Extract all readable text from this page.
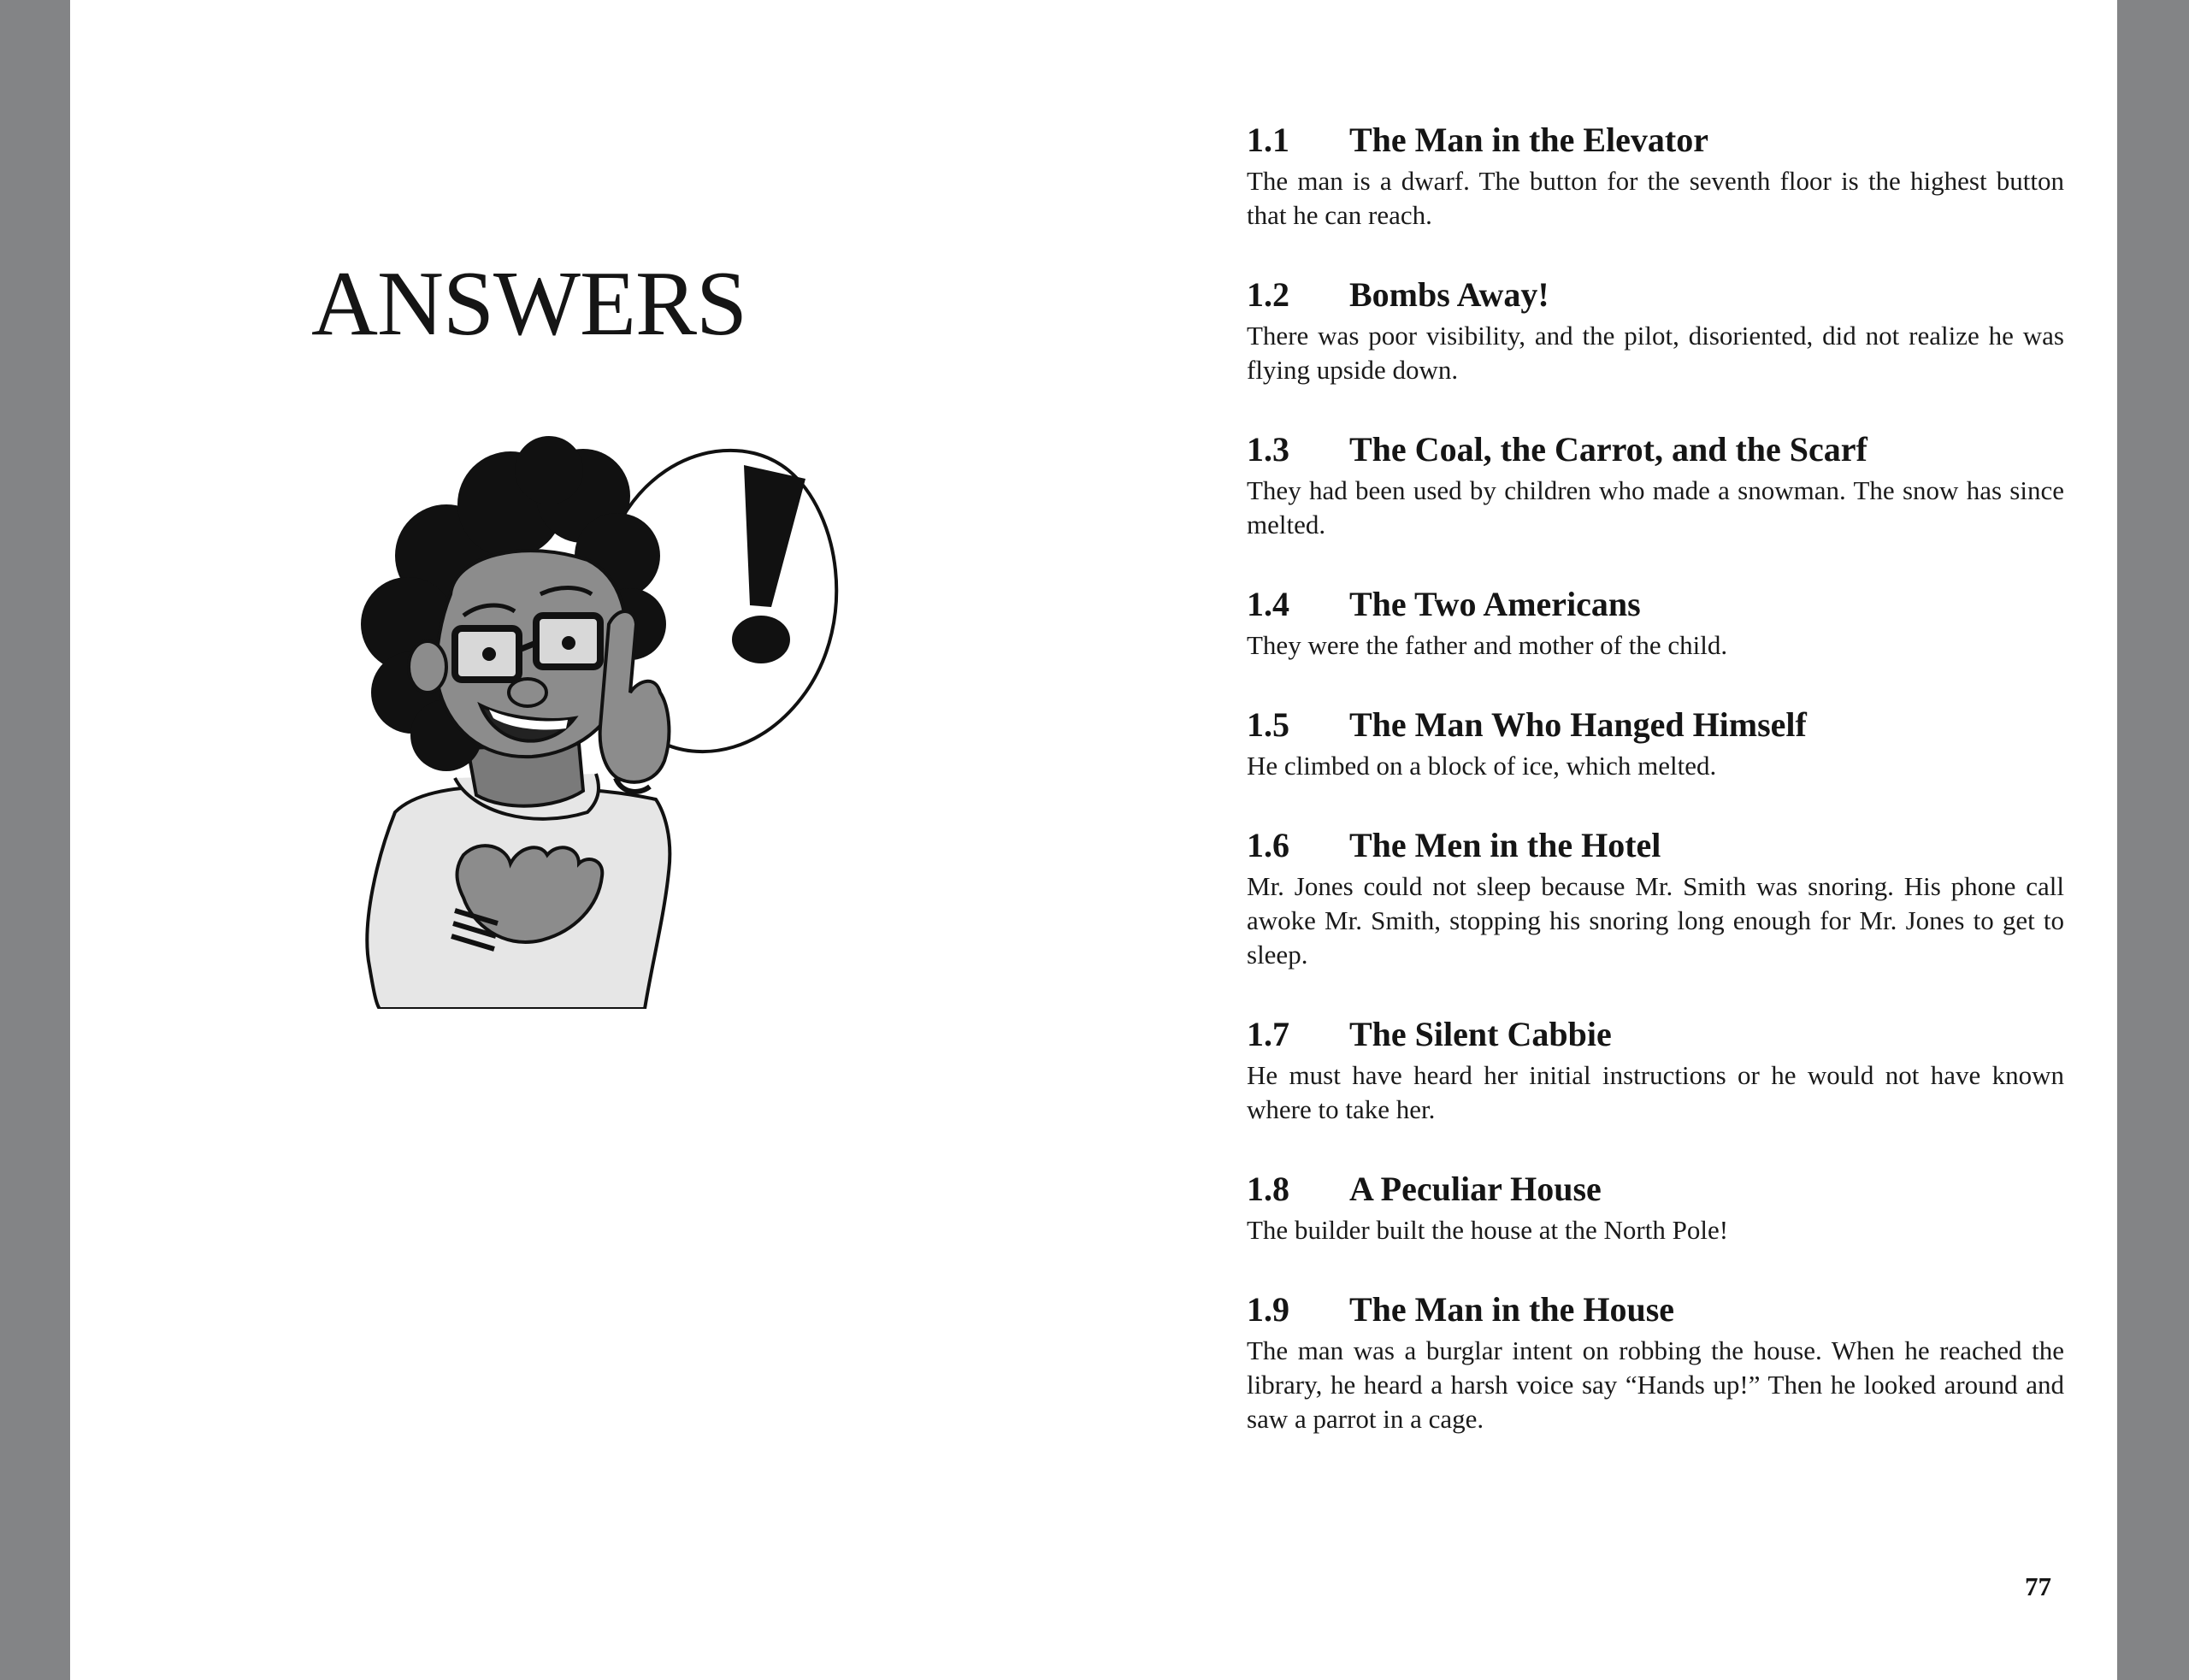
ANSWERS
1.1	The Man in the Elevator
The man is a dwarf. The button for the seventh floor is the highest button that he can reach.
1.2	Bombs Away!
There was poor visibility, and the pilot, disoriented, did not realize he was flying upside down.
1.3	The Coal, the Carrot, and the Scarf
They had been used by children who made a snowman. The snow has since melted.
1.4	The Two Americans
They were the father and mother of the child.
1.5	The Man Who Hanged Himself
He climbed on a block of ice, which melted.
1.6	The Men in the Hotel
Mr. Jones could not sleep because Mr. Smith was snoring. His phone call awoke Mr. Smith, stopping his snoring long enough for Mr. Jones to get to sleep.
1.7	The Silent Cabbie
He must have heard her initial instructions or he would not have known where to take her.
1.8	A Peculiar House
The builder built the house at the North Pole!
1.9	The Man in the House
The man was a burglar intent on robbing the house. When he reached the library, he heard a harsh voice say “Hands up!” Then he looked around and saw a parrot in a cage.
77
